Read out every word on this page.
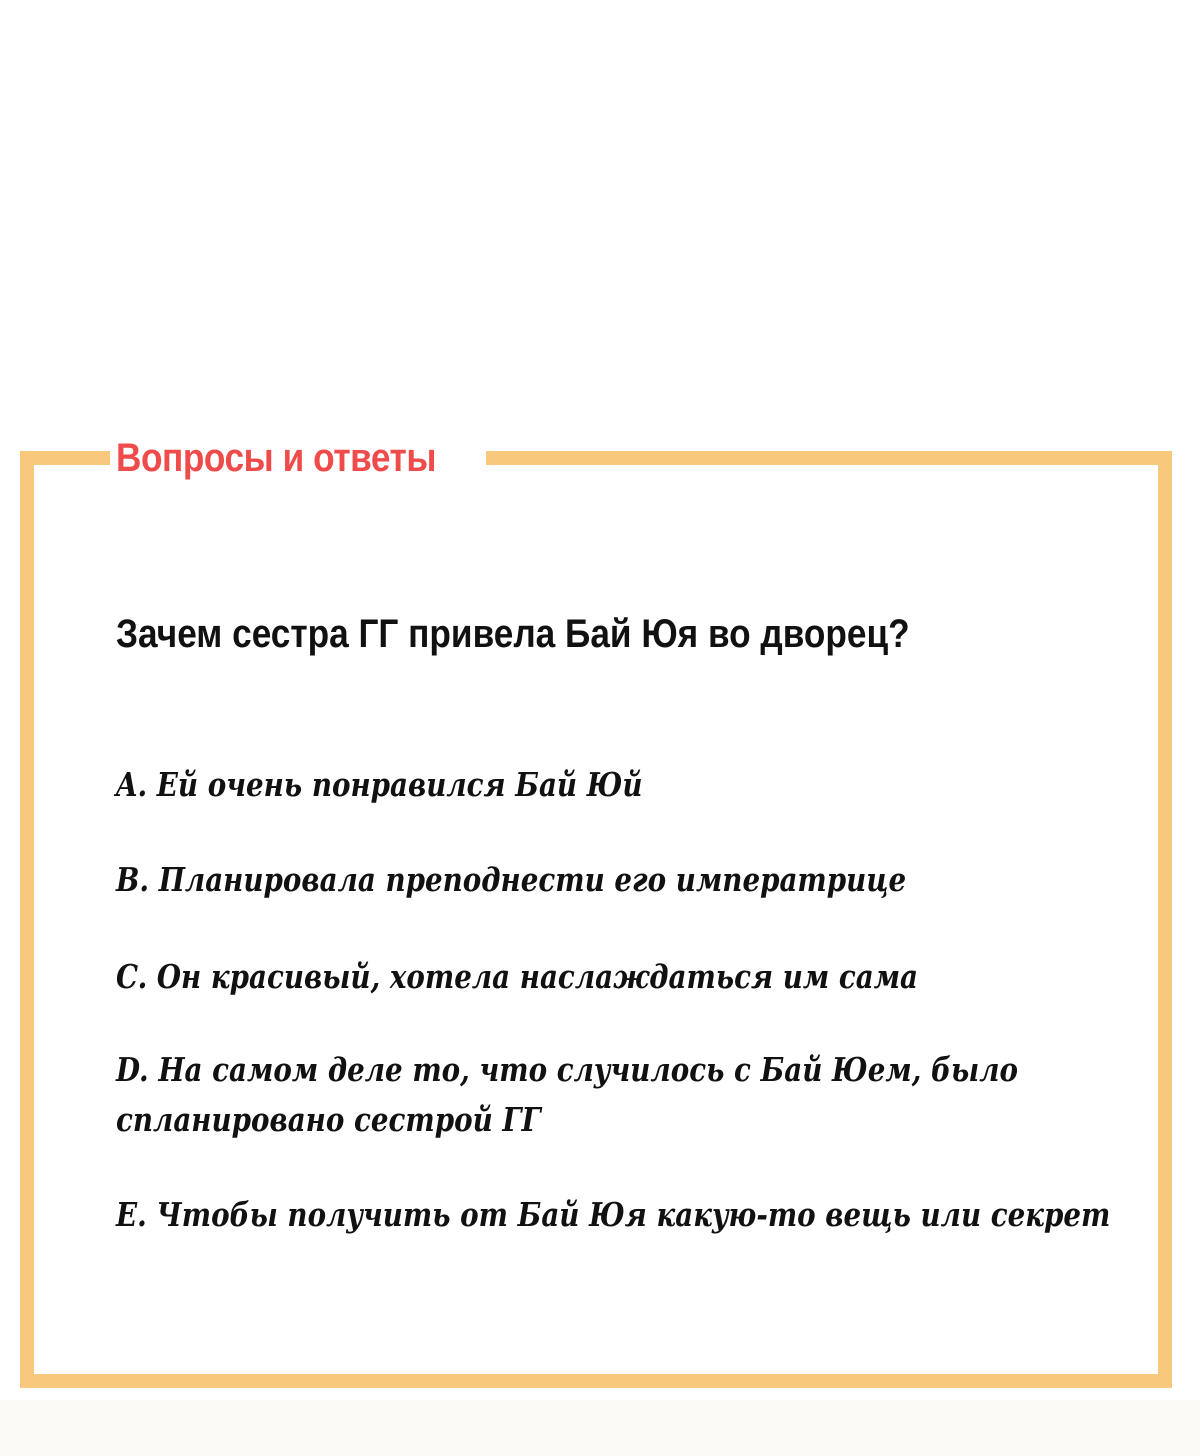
Вопросы и ответы
Зачем сестра ГГ привела Бай Юя во дворец?
A. Ей очень понравился Бай Юй
B. Планировала преподнести его императрице
C. Он красивый, хотела наслаждаться им сама
D. На самом деле то, что случилось с Бай Юем, было
спланировано сестрой ГГ
E. Чтобы получить от Бай Юя какую-то вещь или секрет
